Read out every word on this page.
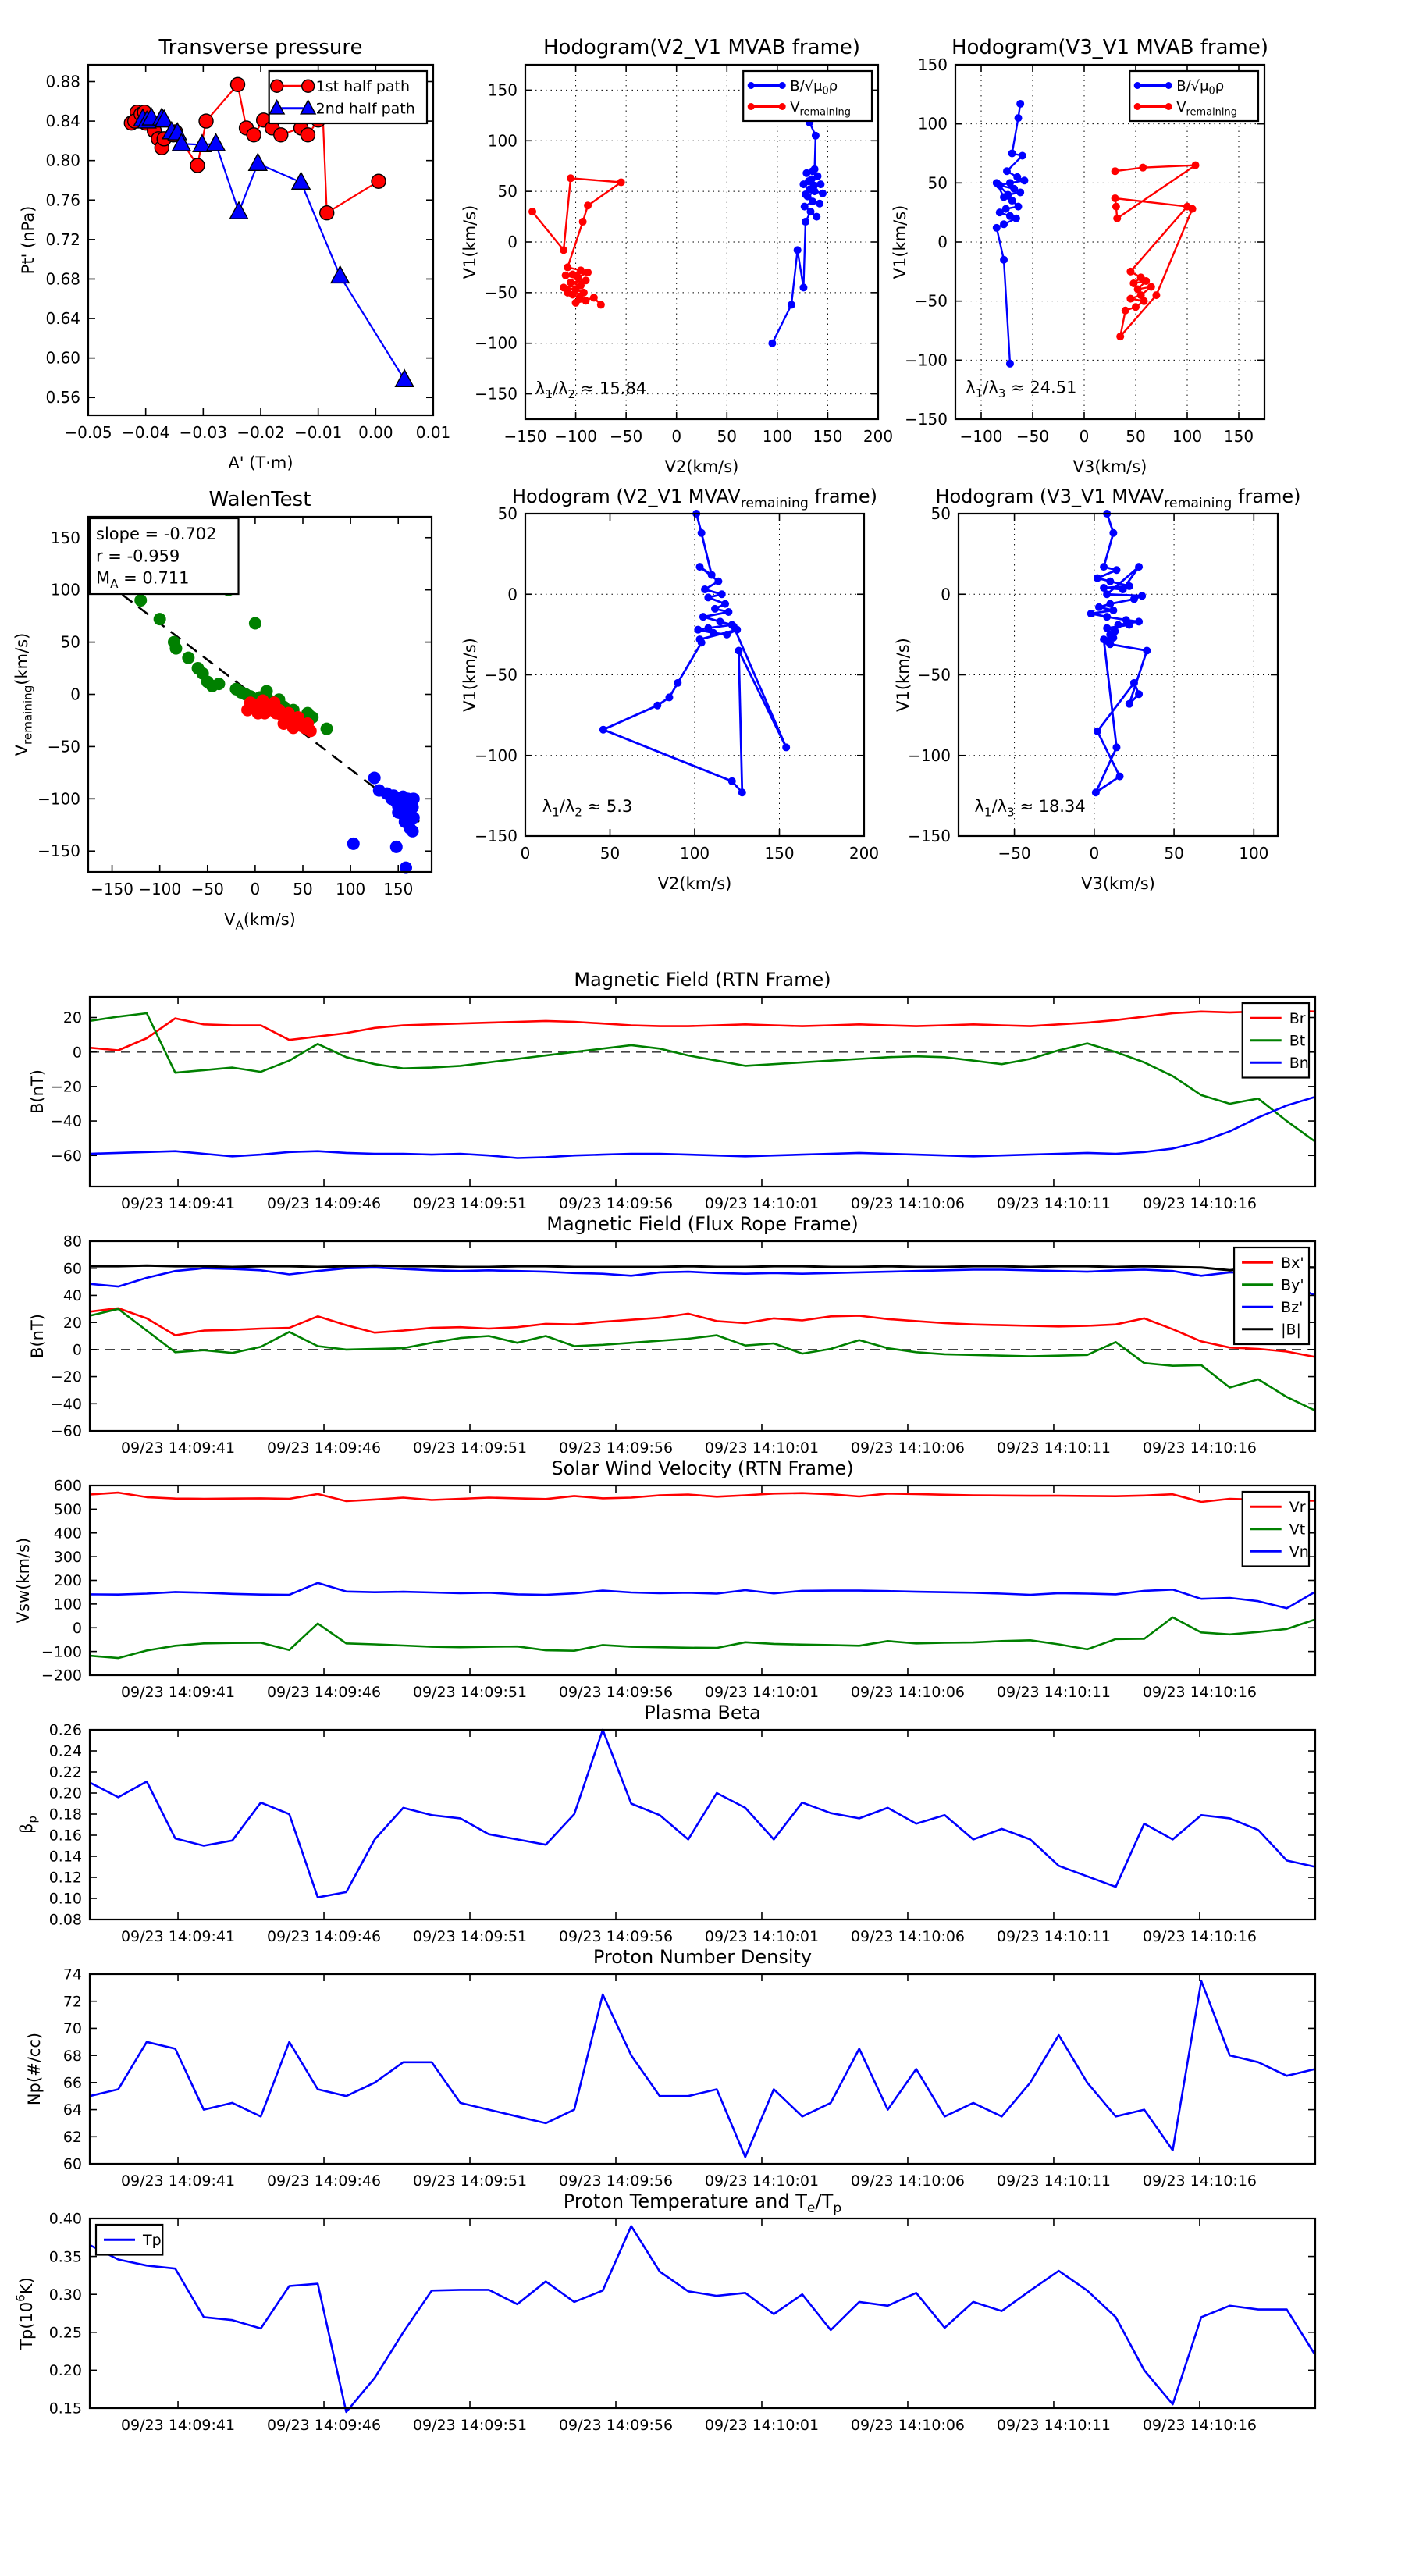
−0.05 −0.04 −0.03 −0.02 −0.01 0.00 0.01
0.56
0.60
0.64
0.68
0.72
0.76
0.80
0.84
0.88
Transverse pressure
A' (T·m)
Pt' (nPa)
1st half path
2nd half path
−150 −100 −50 0 50 100 150 200
150
100
50
0
−50
−100
−150
Hodogram(V2_V1 MVAB frame)
V2(km/s)
V1(km/s)
$\lambda_1/\lambda_2 \approx 15.84$
$B/√\mu_0\rho$
$V_{remaining}$
−100 −50 0 50 100 150
150
100
50
0
−50
−100
−150
Hodogram(V3_V1 MVAB frame)
V3(km/s)
V1(km/s)
$\lambda_1/\lambda_3 \approx 24.51$
$B/√\mu_0\rho$
$V_{remaining}$
−150 −100 −50 0 50 100 150
150
100
50
0
−50
−100
−150
WalenTest
$V_A(km/s)$
$V_{remaining}(km/s)$
slope = -0.702
r = -0.959
$M_A = 0.711$
0	50	100	150	200
50
0
−50
−100
−150
Hodogram (V2_V1 $MVAV_{remaining}$ frame)
V2(km/s)
V1(km/s)
$\lambda_1/\lambda_2 \approx 5.3$
−50	0	50	100
50
0
−50
−100
−150
Hodogram (V3_V1 $MVAV_{remaining}$ frame)
V3(km/s)
V1(km/s)
$\lambda_1/\lambda_3 \approx 18.34$
09/23 14:09:41 09/23 14:09:46 09/23 14:09:51 09/23 14:09:56 09/23 14:10:01 09/23 14:10:06 09/23 14:10:11 09/23 14:10:16
20
0
−20
−40
−60
Magnetic Field (RTN Frame)
B(nT)
Br
Bt
Bn
09/23 14:09:41 09/23 14:09:46 09/23 14:09:51 09/23 14:09:56 09/23 14:10:01 09/23 14:10:06 09/23 14:10:11 09/23 14:10:16
80
60
40
20
0
−20
−40
−60
Magnetic Field (Flux Rope Frame)
B(nT)
Bx'
By'
Bz'
|B|
09/23 14:09:41 09/23 14:09:46 09/23 14:09:51 09/23 14:09:56 09/23 14:10:01 09/23 14:10:06 09/23 14:10:11 09/23 14:10:16
600
500
400
300
200
100
0
−100
−200
Solar Wind Velocity (RTN Frame)
Vsw(km/s)
Vr
Vt
Vn
09/23 14:09:41 09/23 14:09:46 09/23 14:09:51 09/23 14:09:56 09/23 14:10:01 09/23 14:10:06 09/23 14:10:11 09/23 14:10:16
0.26
0.24
0.22
0.20
0.18
0.16
0.14
0.12
0.10
0.08
Plasma Beta
$\beta_p$
09/23 14:09:41 09/23 14:09:46 09/23 14:09:51 09/23 14:09:56 09/23 14:10:01 09/23 14:10:06 09/23 14:10:11 09/23 14:10:16
74
72
70
68
66
64
62
60
Proton Number Density
Np(#/cc)
09/23 14:09:41 09/23 14:09:46 09/23 14:09:51 09/23 14:09:56 09/23 14:10:01 09/23 14:10:06 09/23 14:10:11 09/23 14:10:16
0.40
0.35
0.30
0.25
0.20
0.15
Proton Temperature and $T_e/T_p$
$Tp(10^6K)$
Tp
